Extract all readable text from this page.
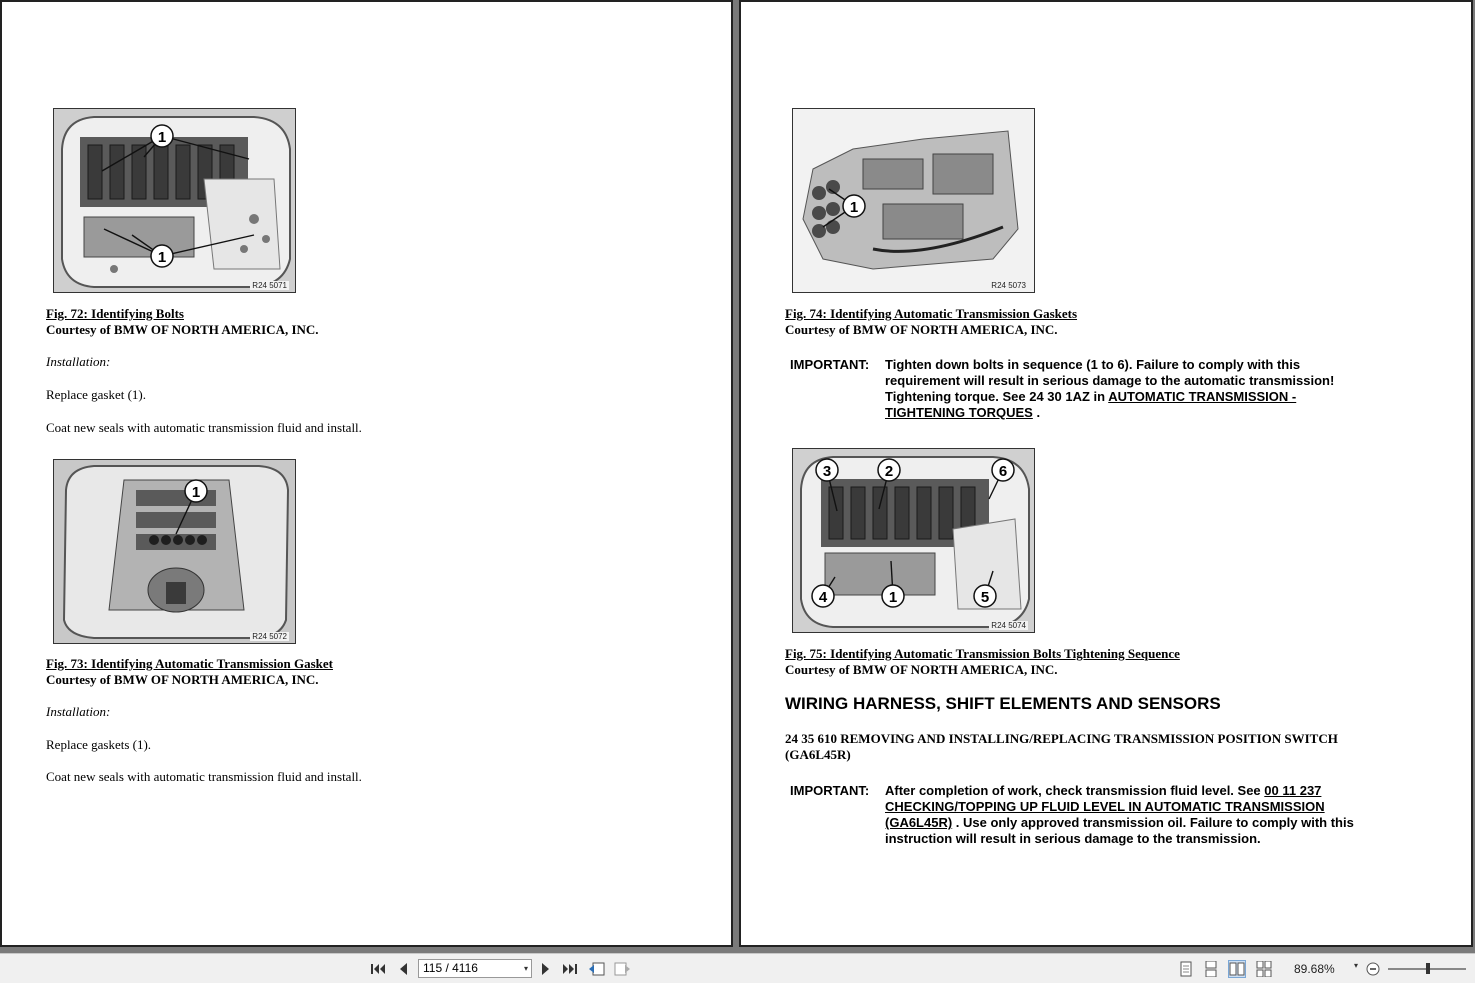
1
1
R24 5071
Fig. 72: Identifying Bolts
Courtesy of BMW OF NORTH AMERICA, INC.
Installation:
Replace gasket (1).
Coat new seals with automatic transmission fluid and install.
1
R24 5072
Fig. 73: Identifying Automatic Transmission Gasket
Courtesy of BMW OF NORTH AMERICA, INC.
Installation:
Replace gaskets (1).
Coat new seals with automatic transmission fluid and install.
1
R24 5073
Fig. 74: Identifying Automatic Transmission Gaskets
Courtesy of BMW OF NORTH AMERICA, INC.
IMPORTANT: Tighten down bolts in sequence (1 to 6). Failure to comply with this
requirement will result in serious damage to the automatic transmission!
Tightening torque. See 24 30 1AZ in AUTOMATIC TRANSMISSION -
TIGHTENING TORQUES .
3	2	6
4	1	5
R24 5074
Fig. 75: Identifying Automatic Transmission Bolts Tightening Sequence
Courtesy of BMW OF NORTH AMERICA, INC.
WIRING HARNESS, SHIFT ELEMENTS AND SENSORS
24 35 610 REMOVING AND INSTALLING/REPLACING TRANSMISSION POSITION SWITCH
(GA6L45R)
IMPORTANT: After completion of work, check transmission fluid level. See 00 11 237
CHECKING/TOPPING UP FLUID LEVEL IN AUTOMATIC TRANSMISSION
(GA6L45R) . Use only approved transmission oil. Failure to comply with this
instruction will result in serious damage to the transmission.
115 / 4116	▾	89.68% ▾
